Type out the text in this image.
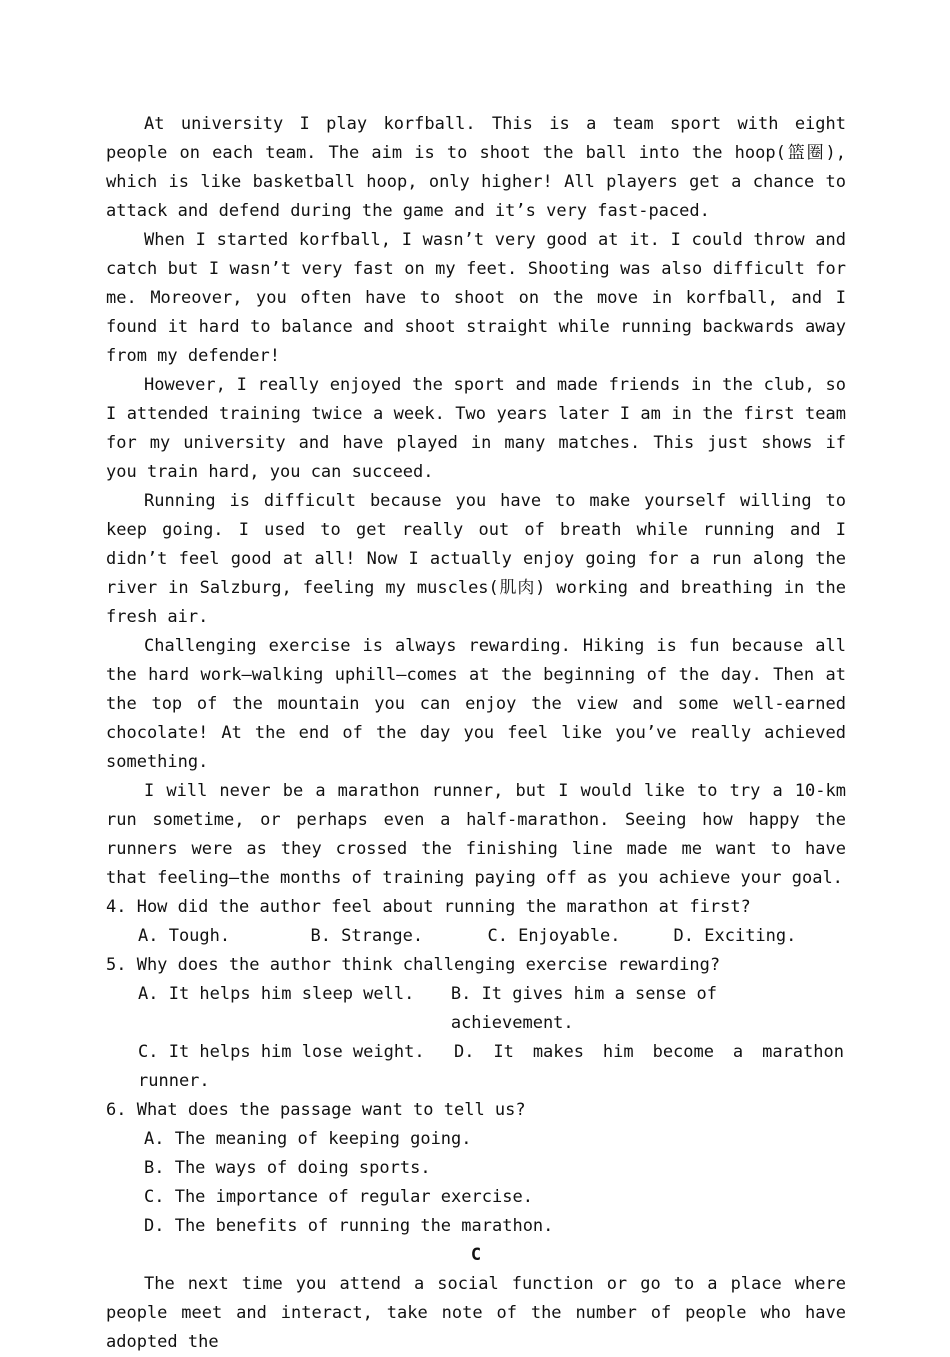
At university I play korfball. This is a team sport with eight people on each team. The aim is to shoot the ball into the hoop(篮圈), which is like basketball hoop, only higher! All players get a chance to attack and defend during the game and it’s very fast-paced.

When I started korfball, I wasn’t very good at it. I could throw and catch but I wasn’t very fast on my feet. Shooting was also difficult for me. Moreover, you often have to shoot on the move in korfball, and I found it hard to balance and shoot straight while running backwards away from my defender!

However, I really enjoyed the sport and made friends in the club, so I attended training twice a week. Two years later I am in the first team for my university and have played in many matches. This just shows if you train hard, you can succeed.

Running is difficult because you have to make yourself willing to keep going. I used to get really out of breath while running and I didn’t feel good at all! Now I actually enjoy going for a run along the river in Salzburg, feeling my muscles(肌肉) working and breathing in the fresh air.

Challenging exercise is always rewarding. Hiking is fun because all the hard work—walking uphill—comes at the beginning of the day. Then at the top of the mountain you can enjoy the view and some well-earned chocolate! At the end of the day you feel like you’ve really achieved something.

I will never be a marathon runner, but I would like to try a 10-km run sometime, or perhaps even a half-marathon. Seeing how happy the runners were as they crossed the finishing line made me want to have that feeling—the months of training paying off as you achieve your goal.

4. How did the author feel about running the marathon at first?

A. Tough.	B. Strange.	C. Enjoyable.	D. Exciting.

5. Why does the author think challenging exercise rewarding?

A. It helps him sleep well.	B. It gives him a sense of achievement.
C. It helps him lose weight.	D. It makes him become a marathon

runner.

6. What does the passage want to tell us?

A. The meaning of keeping going.

B. The ways of doing sports.

C. The importance of regular exercise.

D. The benefits of running the marathon.

C

The next time you attend a social function or go to a place where people meet and interact, take note of the number of people who have adopted the
